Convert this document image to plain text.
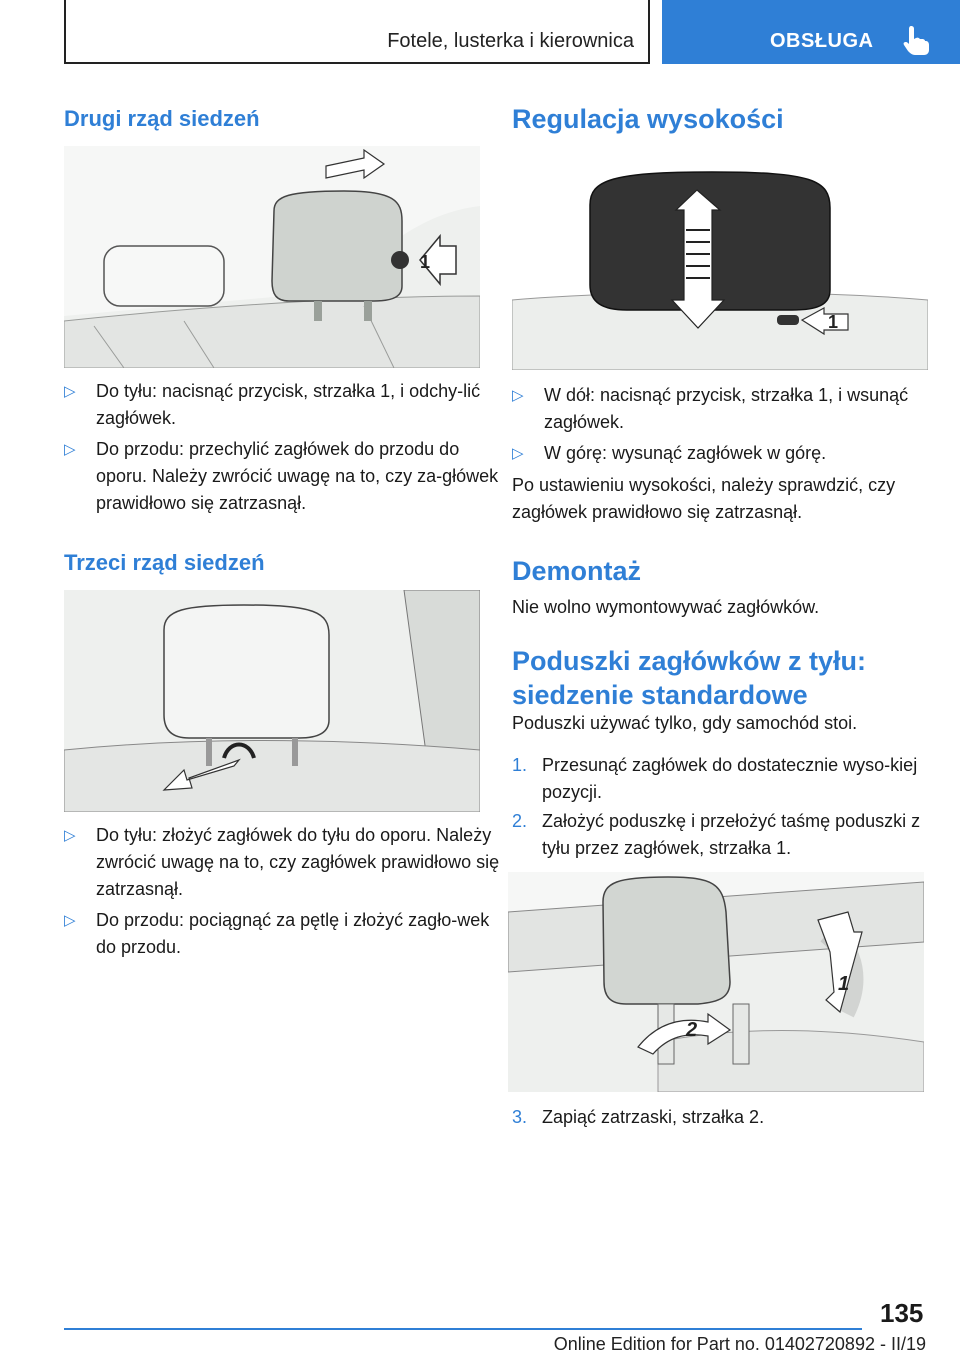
Fotele, lusterka i kierownica	OBSŁUGA
Drugi rząd siedzeń
1
▷ Do tyłu: nacisnąć przycisk, strzałka 1, i odchy-lić zagłówek.
▷ Do przodu: przechylić zagłówek do przodu do oporu. Należy zwrócić uwagę na to, czy za-główek prawidłowo się zatrzasnął.
Trzeci rząd siedzeń
▷ Do tyłu: złożyć zagłówek do tyłu do oporu. Należy zwrócić uwagę na to, czy zagłówek prawidłowo się zatrzasnął.
▷ Do przodu: pociągnąć za pętlę i złożyć zagło-wek do przodu.
Regulacja wysokości
1
▷ W dół: nacisnąć przycisk, strzałka 1, i wsunąć zagłówek.
▷ W górę: wysunąć zagłówek w górę.
Po ustawieniu wysokości, należy sprawdzić, czy zagłówek prawidłowo się zatrzasnął.
Demontaż
Nie wolno wymontowywać zagłówków.
Poduszki zagłówków z tyłu: siedzenie standardowe
Poduszki używać tylko, gdy samochód stoi.
1. Przesunąć zagłówek do dostatecznie wyso-kiej pozycji.
2. Założyć poduszkę i przełożyć taśmę poduszki z tyłu przez zagłówek, strzałka 1.
1
2
3. Zapiąć zatrzaski, strzałka 2.
135
Online Edition for Part no. 01402720892 - II/19
